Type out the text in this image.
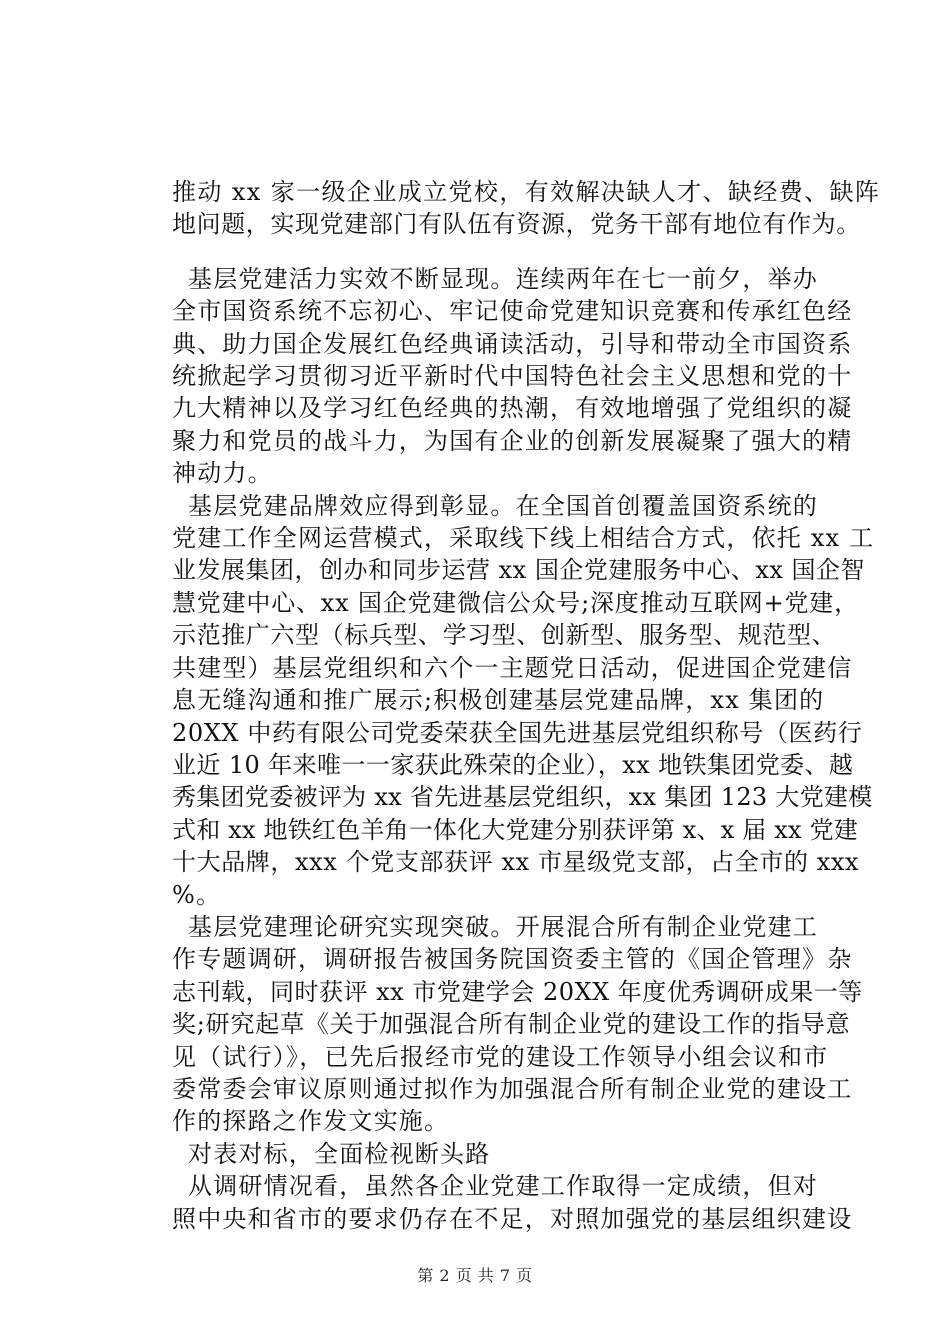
推动 xx 家一级企业成立党校，有效解决缺人才、缺经费、缺阵
地问题，实现党建部门有队伍有资源，党务干部有地位有作为。

基层党建活力实效不断显现。连续两年在七一前夕，举办
全市国资系统不忘初心、牢记使命党建知识竞赛和传承红色经
典、助力国企发展红色经典诵读活动，引导和带动全市国资系
统掀起学习贯彻习近平新时代中国特色社会主义思想和党的十
九大精神以及学习红色经典的热潮，有效地增强了党组织的凝
聚力和党员的战斗力，为国有企业的创新发展凝聚了强大的精
神动力。

基层党建品牌效应得到彰显。在全国首创覆盖国资系统的
党建工作全网运营模式，采取线下线上相结合方式，依托 xx 工
业发展集团，创办和同步运营 xx 国企党建服务中心、xx 国企智
慧党建中心、xx 国企党建微信公众号;深度推动互联网+党建，
示范推广六型（标兵型、学习型、创新型、服务型、规范型、
共建型）基层党组织和六个一主题党日活动，促进国企党建信
息无缝沟通和推广展示;积极创建基层党建品牌，xx 集团的
20XX 中药有限公司党委荣获全国先进基层党组织称号（医药行
业近 10 年来唯一一家获此殊荣的企业），xx 地铁集团党委、越
秀集团党委被评为 xx 省先进基层党组织，xx 集团 123 大党建模
式和 xx 地铁红色羊角一体化大党建分别获评第 x、x 届 xx 党建
十大品牌，xxx 个党支部获评 xx 市星级党支部，占全市的 xxx
%。

基层党建理论研究实现突破。开展混合所有制企业党建工
作专题调研，调研报告被国务院国资委主管的《国企管理》杂
志刊载，同时获评 xx 市党建学会 20XX 年度优秀调研成果一等
奖;研究起草《关于加强混合所有制企业党的建设工作的指导意
见（试行）》，已先后报经市党的建设工作领导小组会议和市
委常委会审议原则通过拟作为加强混合所有制企业党的建设工
作的探路之作发文实施。

对表对标，全面检视断头路

从调研情况看，虽然各企业党建工作取得一定成绩，但对
照中央和省市的要求仍存在不足，对照加强党的基层组织建设

第 2 页 共 7 页
